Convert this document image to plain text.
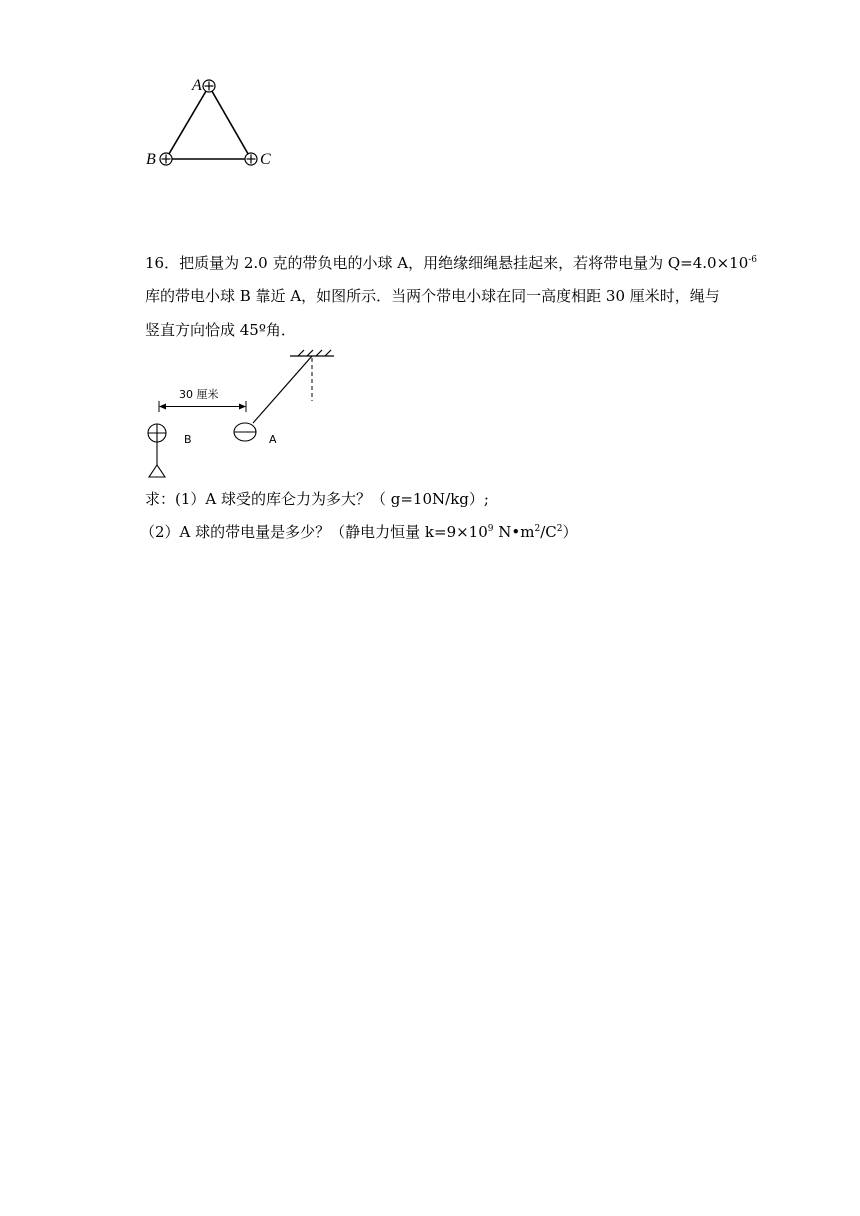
A
B	C
16．把质量为 2.0 克的带负电的小球 A，用绝缘细绳悬挂起来，若将带电量为 $Q=4.0\times 10^{-6}$
库的带电小球 B 靠近 A，如图所示．当两个带电小球在同一高度相距 30 厘米时，绳与
竖直方向恰成 45º角．
30 厘米
B	A
求：(1）A 球受的库仑力为多大？（ g=10N/kg）;
（2）A 球的带电量是多少？（静电力恒量 $k=9\times 10^9$ $N•m^2/C^2$）
